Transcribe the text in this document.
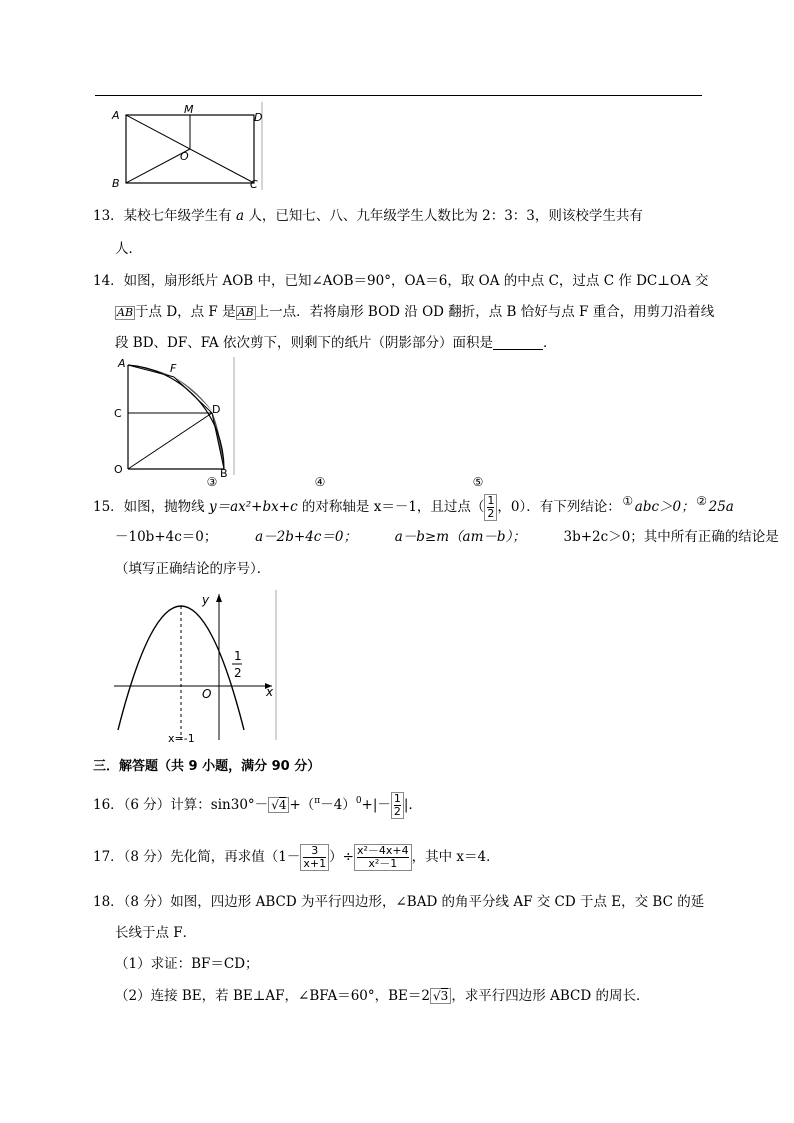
A	M
D
O
B	C
13．某校七年级学生有 a 人，已知七、八、九年级学生人数比为 2：3：3，则该校学生共有
人．
14．如图，扇形纸片 AOB 中，已知∠AOB＝90°，OA＝6，取 OA 的中点 C，过点 C 作 DC⊥OA 交
AB 于点 D，点 F 是 AB 上一点．若将扇形 BOD 沿 OD 翻折，点 B 恰好与点 F 重合，用剪刀沿着线
段 BD、DF、FA 依次剪下，则剩下的纸片（阴影部分）面积是	．
A	F
C	D
O	B
15．如图，抛物线
③
y＝ax²+bx+c 的对称轴是 x＝－1，且过点（
④
$\frac{1}{2}$
⑤
，0）．有下列结论： ① abc＞0； ② 25a
－10b+4c＝0；	a－2b+4c＝0；	a－b≥m（am－b）；	3b+2c＞0；其中所有正确的结论是
（填写正确结论的序号）．
y
x
O
1
2
x=-1
三．解答题（共 9 小题，满分 90 分）
16．（6 分）计算：$\sin 30^\circ- √4 +(^\pi-4)^0+|- \frac{1}{2}$ |．
17．（8 分）先化简，再求值（$1- \frac{3}{x+1}$ ）÷ $\frac{\text{x²－4x+4}}{\text{x²－1}}$ ，其中 x＝4．
18．（8 分）如图，四边形 ABCD 为平行四边形，∠BAD 的角平分线 AF 交 CD 于点 E，交 BC 的延
长线于点 F．
（1）求证：BF＝CD；
（2）连接 BE，若 BE⊥AF，∠BFA＝60°，BE＝2 √3 ，求平行四边形 ABCD 的周长．
